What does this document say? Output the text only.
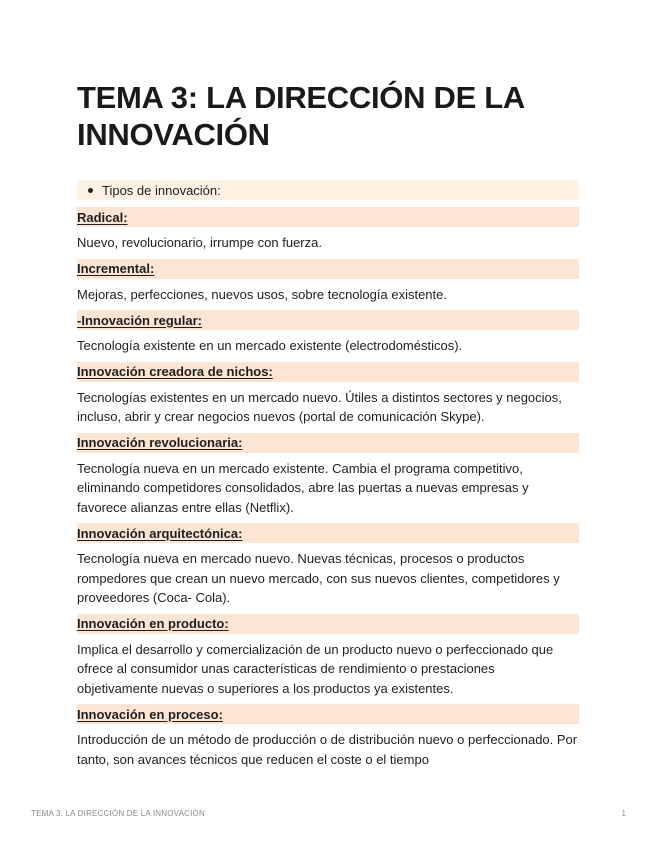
TEMA 3: LA DIRECCIÓN DE LA INNOVACIÓN
Tipos de innovación:
Radical:

Nuevo, revolucionario, irrumpe con fuerza.

Incremental:

Mejoras, perfecciones, nuevos usos, sobre tecnología existente.

-Innovación regular:

Tecnología existente en un mercado existente (electrodomésticos).

Innovación creadora de nichos:

Tecnologías existentes en un mercado nuevo. Útiles a distintos sectores y negocios, incluso, abrir y crear negocios nuevos (portal de comunicación Skype).

Innovación revolucionaria:

Tecnología nueva en un mercado existente. Cambia el programa competitivo, eliminando competidores consolidados, abre las puertas a nuevas empresas y favorece alianzas entre ellas (Netflix).

Innovación arquitectónica:

Tecnología nueva en mercado nuevo. Nuevas técnicas, procesos o productos rompedores que crean un nuevo mercado, con sus nuevos clientes, competidores y proveedores (Coca- Cola).

Innovación en producto:

Implica el desarrollo y comercialización de un producto nuevo o perfeccionado que ofrece al consumidor unas características de rendimiento o prestaciones objetivamente nuevas o superiores a los productos ya existentes.

Innovación en proceso:

Introducción de un método de producción o de distribución nuevo o perfeccionado. Por tanto, son avances técnicos que reducen el coste o el tiempo

TEMA 3: LA DIRECCIÓN DE LA INNOVACIÓN	1
